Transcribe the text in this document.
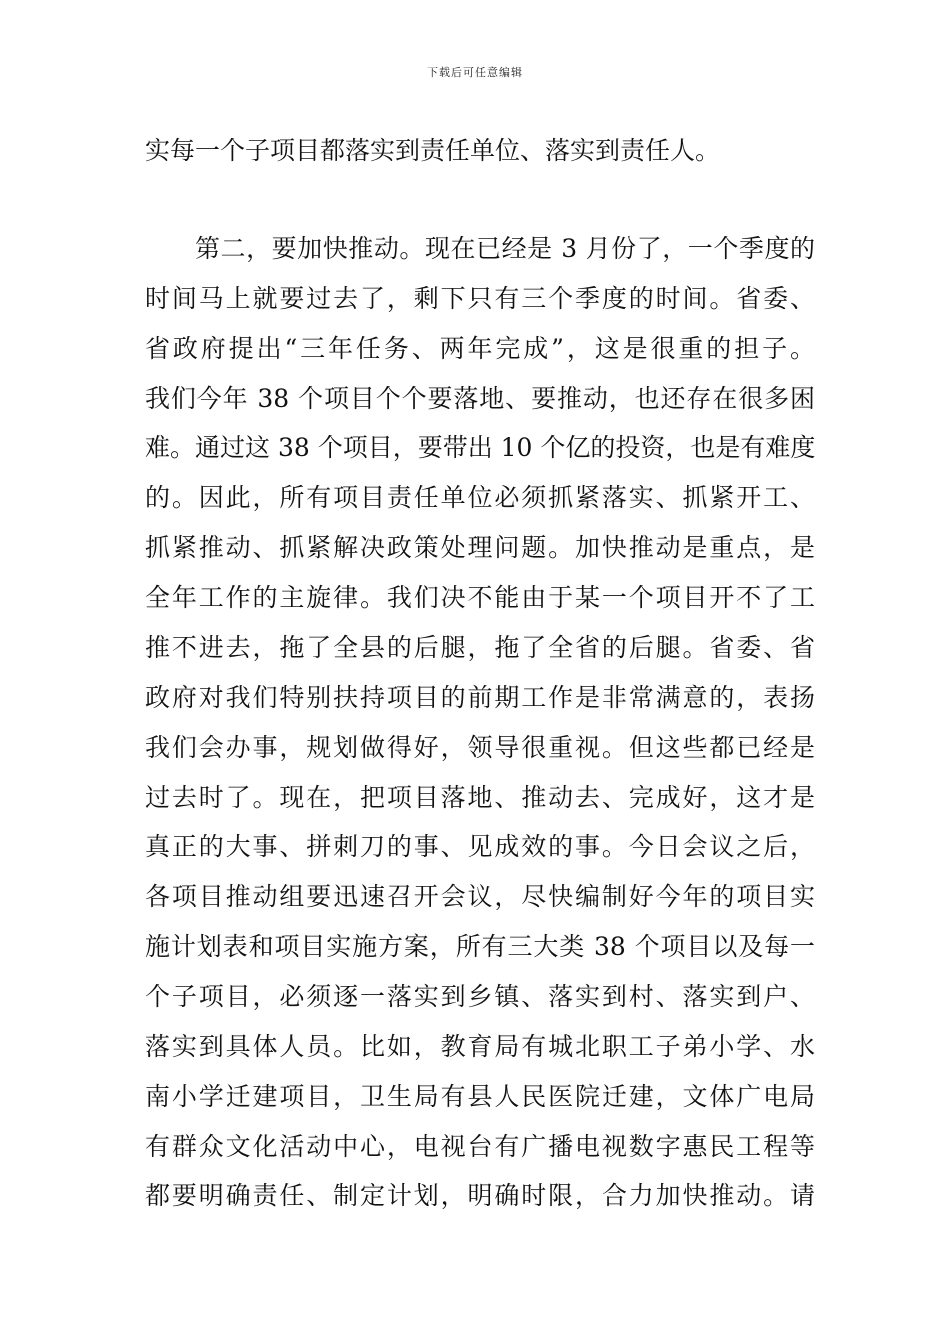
下载后可任意编辑
实每一个子项目都落实到责任单位、落实到责任人。
第二，要加快推动。现在已经是 3 月份了，一个季度的
时间马上就要过去了，剩下只有三个季度的时间。省委、
省政府提出“三年任务、两年完成”，这是很重的担子。
我们今年 38 个项目个个要落地、要推动，也还存在很多困
难。通过这 38 个项目，要带出 10 个亿的投资，也是有难度
的。因此，所有项目责任单位必须抓紧落实、抓紧开工、
抓紧推动、抓紧解决政策处理问题。加快推动是重点，是
全年工作的主旋律。我们决不能由于某一个项目开不了工
推不进去，拖了全县的后腿，拖了全省的后腿。省委、省
政府对我们特别扶持项目的前期工作是非常满意的，表扬
我们会办事，规划做得好，领导很重视。但这些都已经是
过去时了。现在，把项目落地、推动去、完成好，这才是
真正的大事、拼刺刀的事、见成效的事。今日会议之后，
各项目推动组要迅速召开会议，尽快编制好今年的项目实
施计划表和项目实施方案，所有三大类 38 个项目以及每一
个子项目，必须逐一落实到乡镇、落实到村、落实到户、
落实到具体人员。比如，教育局有城北职工子弟小学、水
南小学迁建项目，卫生局有县人民医院迁建，文体广电局
有群众文化活动中心，电视台有广播电视数字惠民工程等
都要明确责任、制定计划，明确时限，合力加快推动。请
